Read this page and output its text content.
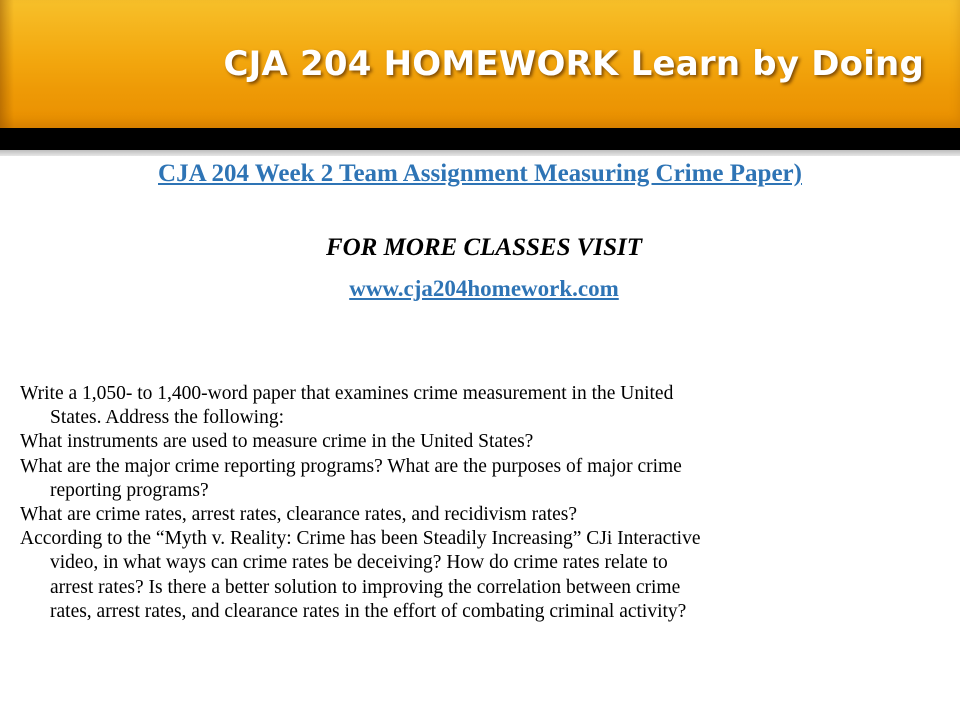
CJA 204 HOMEWORK Learn by Doing
CJA 204 Week 2 Team Assignment Measuring Crime Paper)
FOR MORE CLASSES VISIT
www.cja204homework.com

Write a 1,050- to 1,400-word paper that examines crime measurement in the United
States. Address the following:

What instruments are used to measure crime in the United States?

What are the major crime reporting programs? What are the purposes of major crime
reporting programs?

What are crime rates, arrest rates, clearance rates, and recidivism rates?

According to the “Myth v. Reality: Crime has been Steadily Increasing” CJi Interactive
video, in what ways can crime rates be deceiving? How do crime rates relate to
arrest rates? Is there a better solution to improving the correlation between crime
rates, arrest rates, and clearance rates in the effort of combating criminal activity?
